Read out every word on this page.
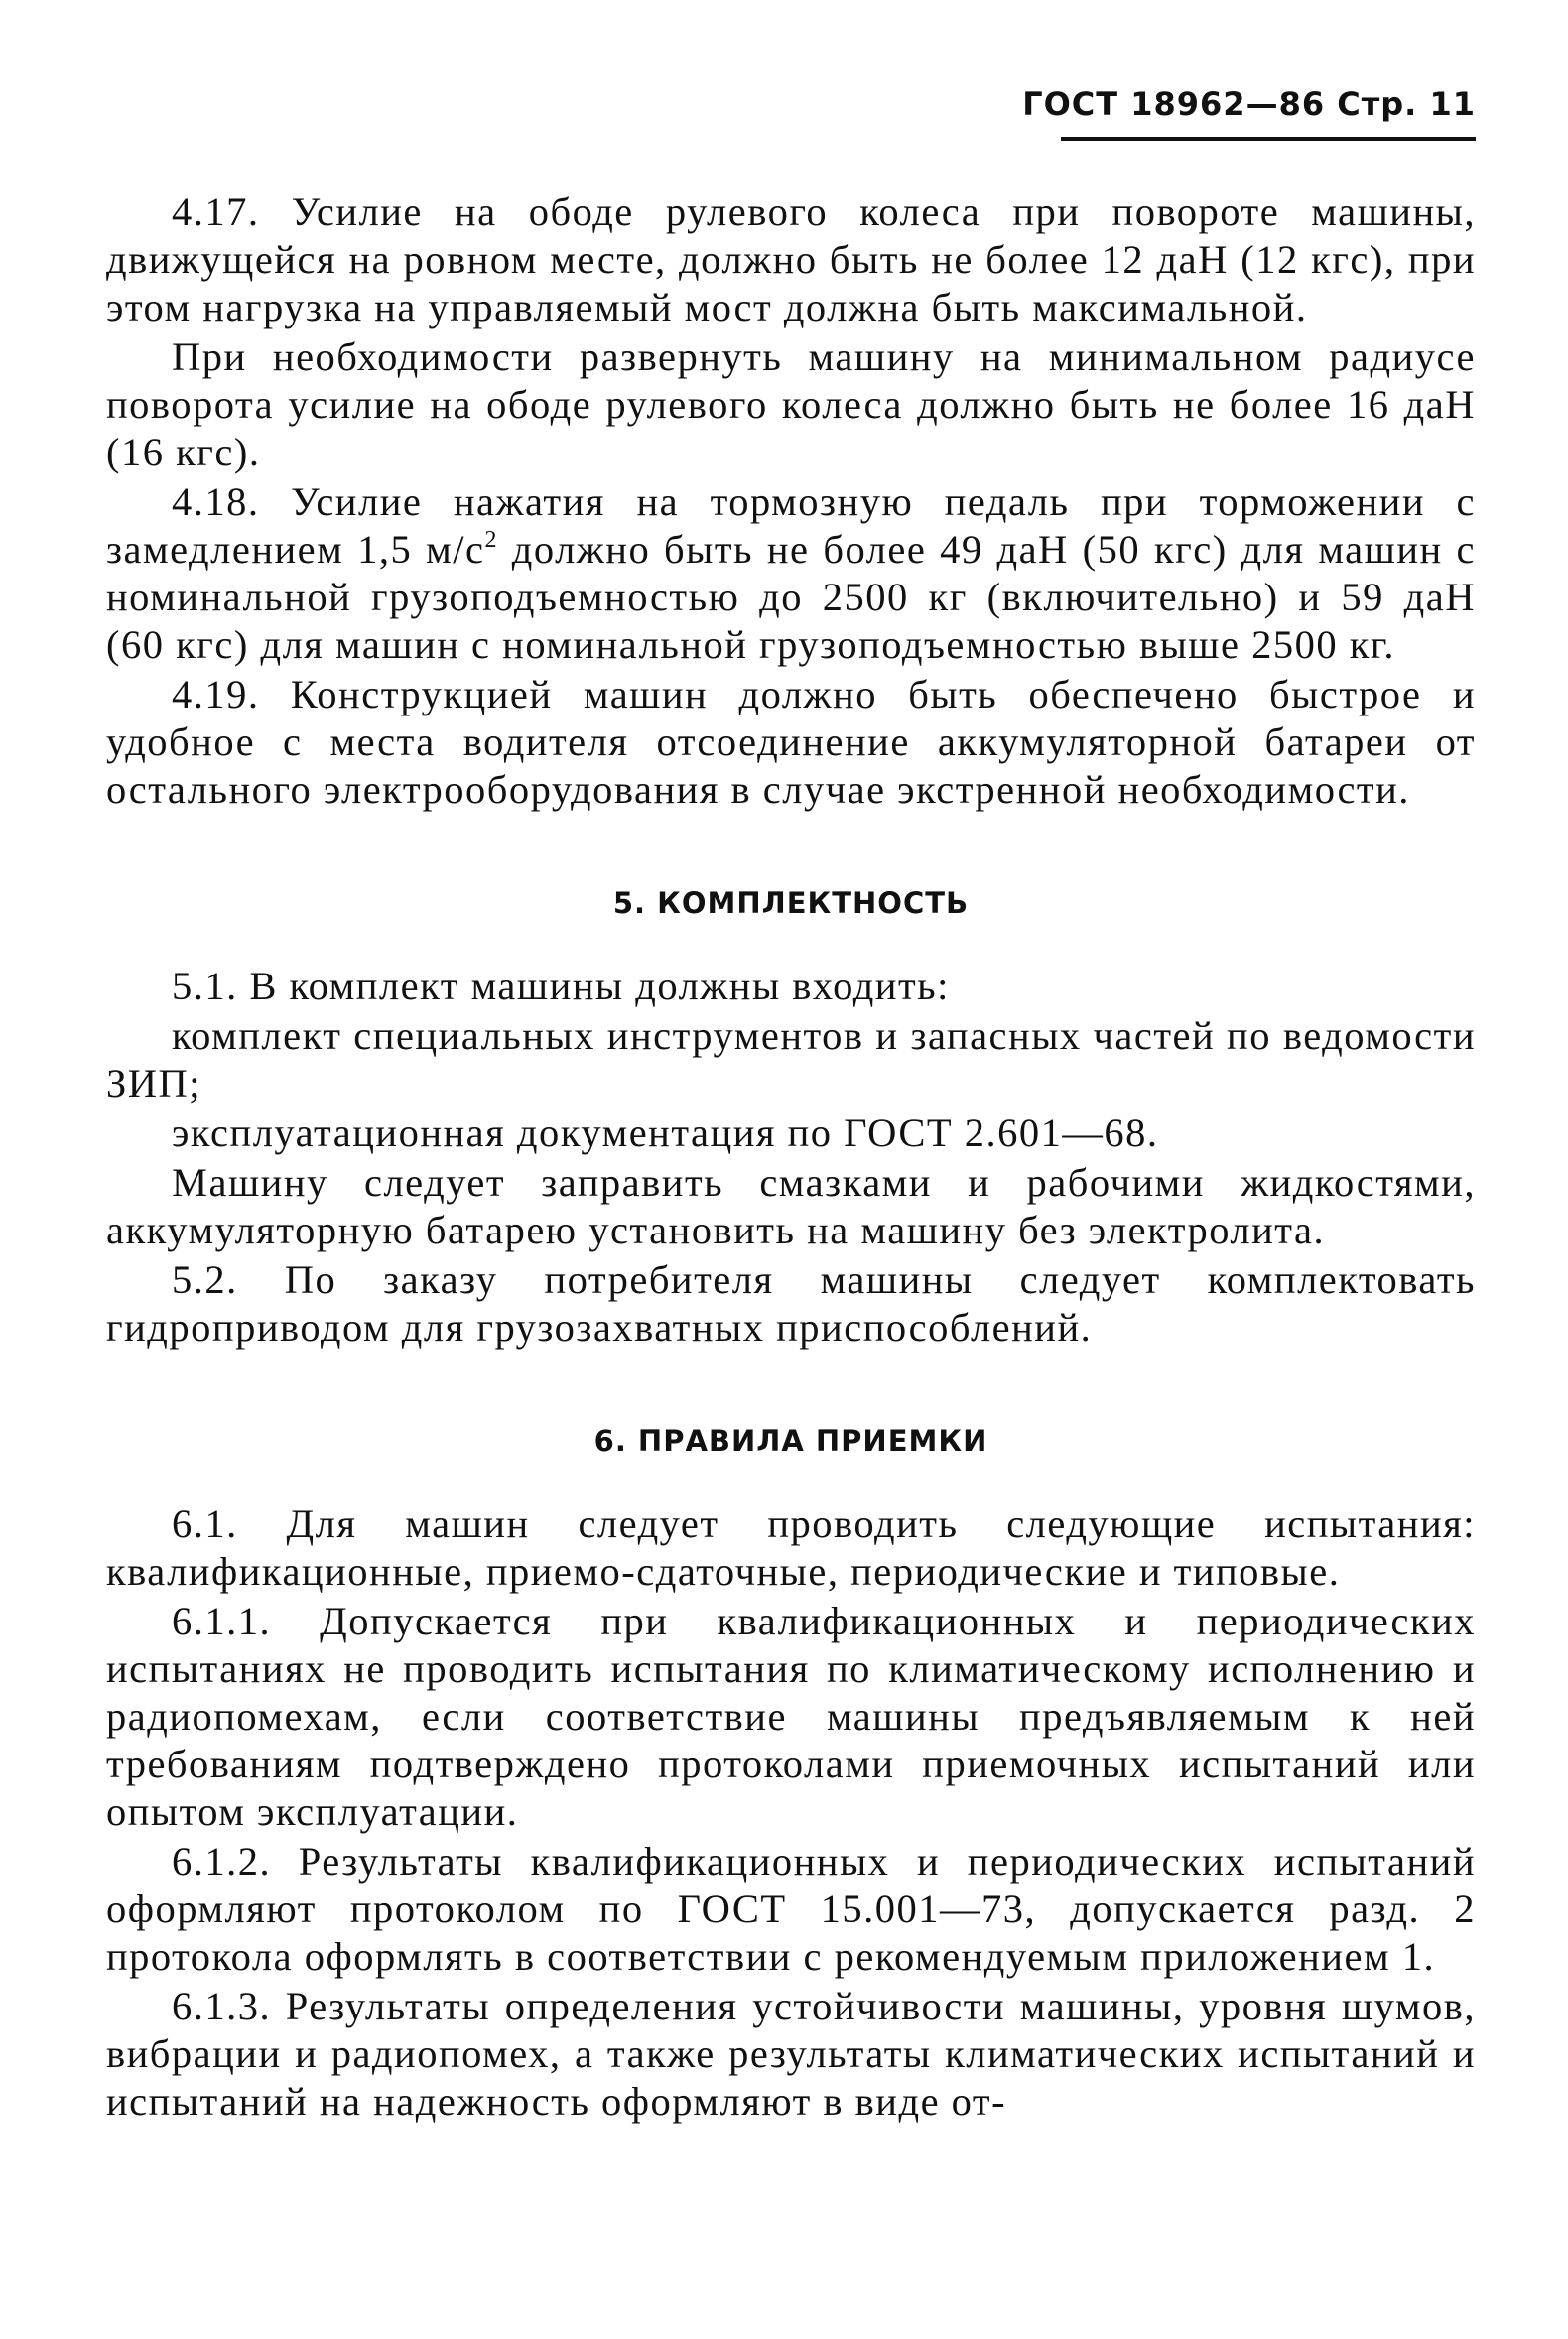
ГОСТ 18962—86 Стр. 11

4.17. Усилие на ободе рулевого колеса при повороте машины, движущейся на ровном месте, должно быть не более 12 даН (12 кгс), при этом нагрузка на управляемый мост должна быть максимальной.

При необходимости развернуть машину на минимальном радиусе поворота усилие на ободе рулевого колеса должно быть не более 16 даН (16 кгс).

4.18. Усилие нажатия на тормозную педаль при торможении с замедлением 1,5 $м/с^2$ должно быть не более 49 даН (50 кгс) для машин с номинальной грузоподъемностью до 2500 кг (включительно) и 59 даН (60 кгс) для машин с номинальной грузоподъемностью выше 2500 кг.

4.19. Конструкцией машин должно быть обеспечено быстрое и удобное с места водителя отсоединение аккумуляторной батареи от остального электрооборудования в случае экстренной необходимости.

5. КОМПЛЕКТНОСТЬ

5.1. В комплект машины должны входить:

комплект специальных инструментов и запасных частей по ведомости ЗИП;

эксплуатационная документация по ГОСТ 2.601—68.

Машину следует заправить смазками и рабочими жидкостями, аккумуляторную батарею установить на машину без электролита.

5.2. По заказу потребителя машины следует комплектовать гидроприводом для грузозахватных приспособлений.

6. ПРАВИЛА ПРИЕМКИ

6.1. Для машин следует проводить следующие испытания: квалификационные, приемо-сдаточные, периодические и типовые.

6.1.1. Допускается при квалификационных и периодических испытаниях не проводить испытания по климатическому исполнению и радиопомехам, если соответствие машины предъявляемым к ней требованиям подтверждено протоколами приемочных испытаний или опытом эксплуатации.

6.1.2. Результаты квалификационных и периодических испытаний оформляют протоколом по ГОСТ 15.001—73, допускается разд. 2 протокола оформлять в соответствии с рекомендуемым приложением 1.

6.1.3. Результаты определения устойчивости машины, уровня шумов, вибрации и радиопомех, а также результаты климатических испытаний и испытаний на надежность оформляют в виде от-
